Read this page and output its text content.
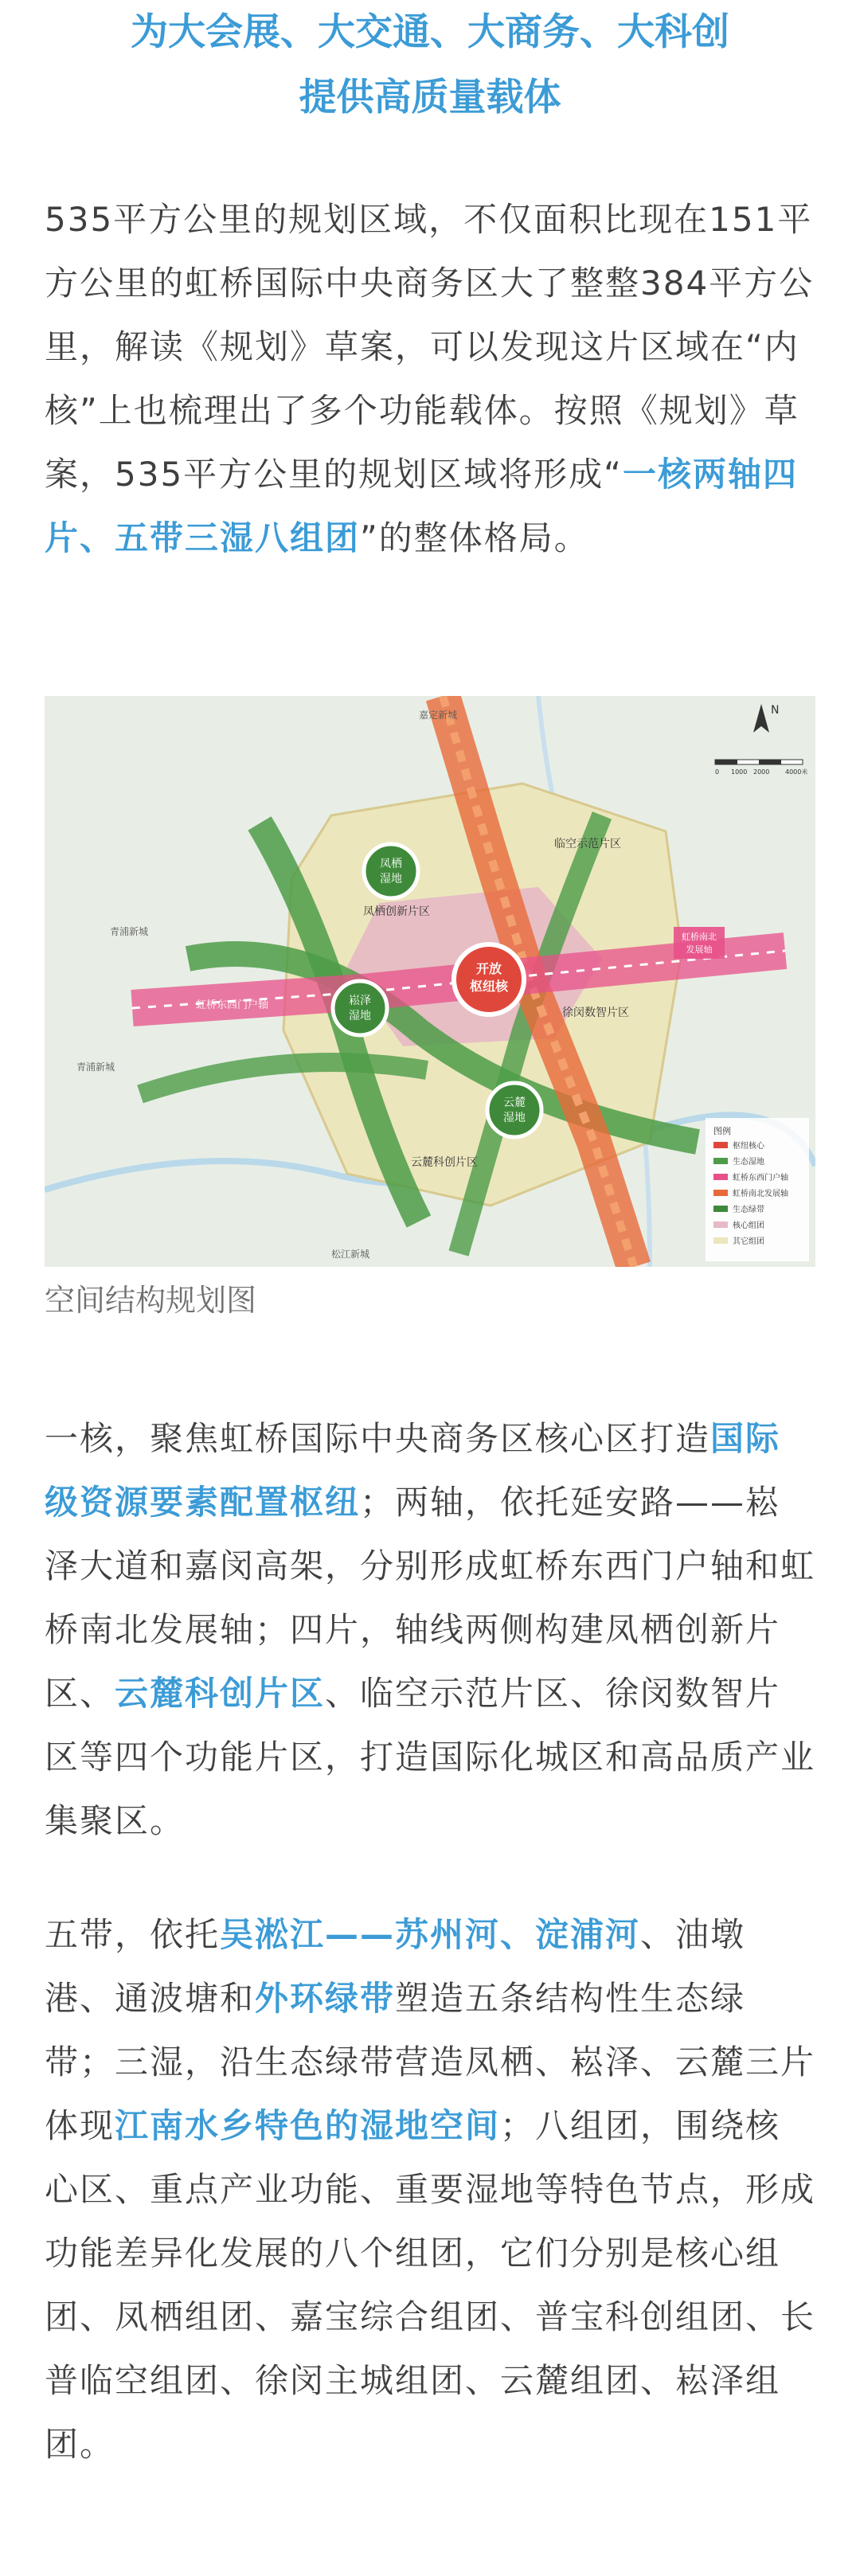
为大会展、大交通、大商务、大科创
提供高质量载体
535平方公里的规划区域，不仅面积比现在151平方公里的虹桥国际中央商务区大了整整384平方公里，解读《规划》草案，可以发现这片区域在“内核”上也梳理出了多个功能载体。按照《规划》草案，535平方公里的规划区域将形成“一核两轴四片、五带三湿八组团”的整体格局。
开放
枢纽核
凤栖
湿地
崧泽
湿地
云麓
湿地
凤栖创新片区
临空示范片区
徐闵数智片区
云麓科创片区
虹桥东西门户轴
虹桥南北
发展轴
嘉定新城
青浦新城
青浦新城
松江新城
N
0 1000 2000 4000米
图例
枢纽核心
生态湿地
虹桥东西门户轴
虹桥南北发展轴
生态绿带
核心组团
其它组团
空间结构规划图
一核，聚焦虹桥国际中央商务区核心区打造国际级资源要素配置枢纽；两轴，依托延安路——崧泽大道和嘉闵高架，分别形成虹桥东西门户轴和虹桥南北发展轴；四片，轴线两侧构建凤栖创新片区、云麓科创片区、临空示范片区、徐闵数智片区等四个功能片区，打造国际化城区和高品质产业集聚区。
五带，依托吴淞江——苏州河、淀浦河、油墩港、通波塘和外环绿带塑造五条结构性生态绿带；三湿，沿生态绿带营造凤栖、崧泽、云麓三片体现江南水乡特色的湿地空间；八组团，围绕核心区、重点产业功能、重要湿地等特色节点，形成功能差异化发展的八个组团，它们分别是核心组团、凤栖组团、嘉宝综合组团、普宝科创组团、长普临空组团、徐闵主城组团、云麓组团、崧泽组团。
